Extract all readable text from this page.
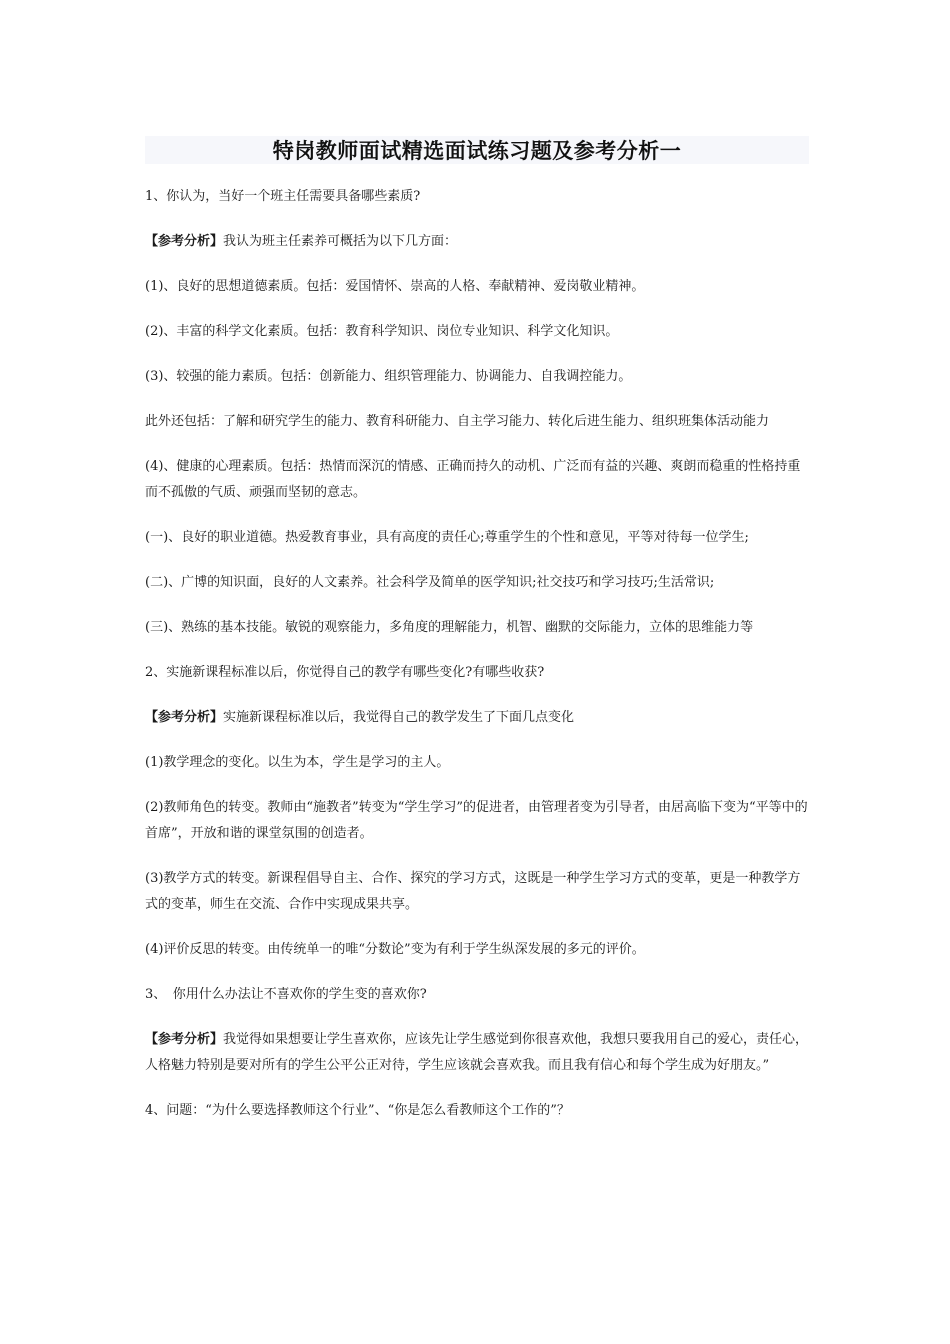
特岗教师面试精选面试练习题及参考分析一

1、你认为，当好一个班主任需要具备哪些素质?

【参考分析】我认为班主任素养可概括为以下几方面：

(1)、良好的思想道德素质。包括：爱国情怀、崇高的人格、奉献精神、爱岗敬业精神。

(2)、丰富的科学文化素质。包括：教育科学知识、岗位专业知识、科学文化知识。

(3)、较强的能力素质。包括：创新能力、组织管理能力、协调能力、自我调控能力。

此外还包括：了解和研究学生的能力、教育科研能力、自主学习能力、转化后进生能力、组织班集体活动能力

(4)、健康的心理素质。包括：热情而深沉的情感、正确而持久的动机、广泛而有益的兴趣、爽朗而稳重的性格持重而不孤傲的气质、顽强而坚韧的意志。

(一)、良好的职业道德。热爱教育事业，具有高度的责任心;尊重学生的个性和意见，平等对待每一位学生;

(二)、广博的知识面，良好的人文素养。社会科学及简单的医学知识;社交技巧和学习技巧;生活常识;

(三)、熟练的基本技能。敏锐的观察能力，多角度的理解能力，机智、幽默的交际能力，立体的思维能力等

2、实施新课程标准以后，你觉得自己的教学有哪些变化?有哪些收获?

【参考分析】实施新课程标准以后，我觉得自己的教学发生了下面几点变化

(1)教学理念的变化。以生为本，学生是学习的主人。

(2)教师角色的转变。教师由“施教者”转变为“学生学习”的促进者，由管理者变为引导者，由居高临下变为“平等中的首席”，开放和谐的课堂氛围的创造者。

(3)教学方式的转变。新课程倡导自主、合作、探究的学习方式，这既是一种学生学习方式的变革，更是一种教学方式的变革，师生在交流、合作中实现成果共享。

(4)评价反思的转变。由传统单一的唯“分数论”变为有利于学生纵深发展的多元的评价。

3、　你用什么办法让不喜欢你的学生变的喜欢你?

【参考分析】我觉得如果想要让学生喜欢你，应该先让学生感觉到你很喜欢他，我想只要我用自己的爱心，责任心，人格魅力特别是要对所有的学生公平公正对待，学生应该就会喜欢我。而且我有信心和每个学生成为好朋友。”

4、问题：“为什么要选择教师这个行业”、“你是怎么看教师这个工作的”？
